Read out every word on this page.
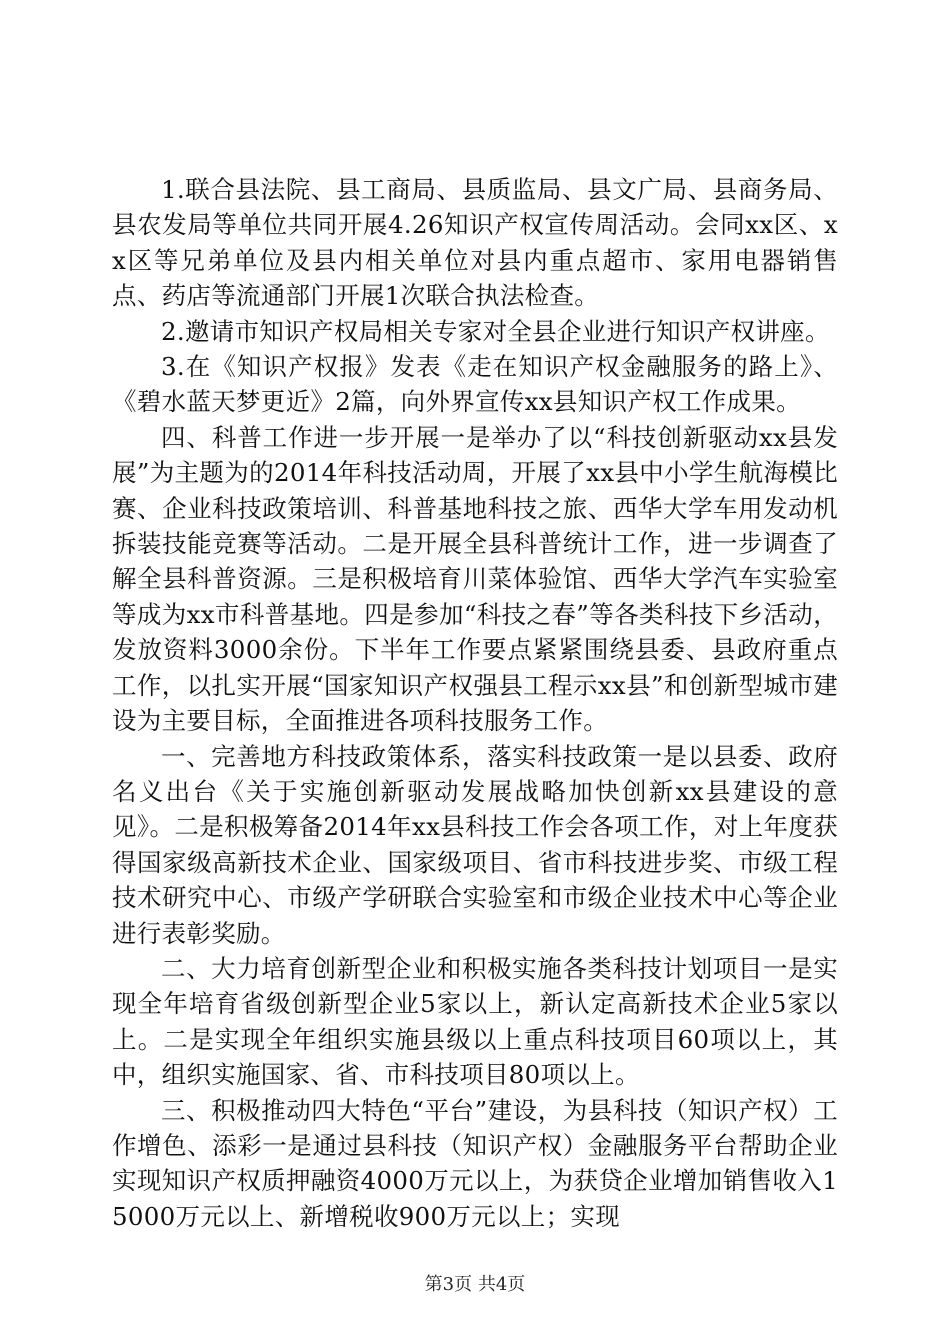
1.联合县法院、县工商局、县质监局、县文广局、县商务局、县农发局等单位共同开展4.26知识产权宣传周活动。会同xx区、xx区等兄弟单位及县内相关单位对县内重点超市、家用电器销售点、药店等流通部门开展1次联合执法检查。

2.邀请市知识产权局相关专家对全县企业进行知识产权讲座。

3.在《知识产权报》发表《走在知识产权金融服务的路上》、《碧水蓝天梦更近》2篇，向外界宣传xx县知识产权工作成果。

四、科普工作进一步开展一是举办了以“科技创新驱动xx县发展”为主题为的2014年科技活动周，开展了xx县中小学生航海模比赛、企业科技政策培训、科普基地科技之旅、西华大学车用发动机拆装技能竞赛等活动。二是开展全县科普统计工作，进一步调查了解全县科普资源。三是积极培育川菜体验馆、西华大学汽车实验室等成为xx市科普基地。四是参加“科技之春”等各类科技下乡活动，发放资料3000余份。下半年工作要点紧紧围绕县委、县政府重点工作，以扎实开展“国家知识产权强县工程示xx县”和创新型城市建设为主要目标，全面推进各项科技服务工作。

一、完善地方科技政策体系，落实科技政策一是以县委、政府名义出台《关于实施创新驱动发展战略加快创新xx县建设的意见》。二是积极筹备2014年xx县科技工作会各项工作，对上年度获得国家级高新技术企业、国家级项目、省市科技进步奖、市级工程技术研究中心、市级产学研联合实验室和市级企业技术中心等企业进行表彰奖励。

二、大力培育创新型企业和积极实施各类科技计划项目一是实现全年培育省级创新型企业5家以上，新认定高新技术企业5家以上。二是实现全年组织实施县级以上重点科技项目60项以上，其中，组织实施国家、省、市科技项目80项以上。

三、积极推动四大特色“平台”建设，为县科技（知识产权）工作增色、添彩一是通过县科技（知识产权）金融服务平台帮助企业实现知识产权质押融资4000万元以上，为获贷企业增加销售收入15000万元以上、新增税收900万元以上；实现

第3页 共4页
